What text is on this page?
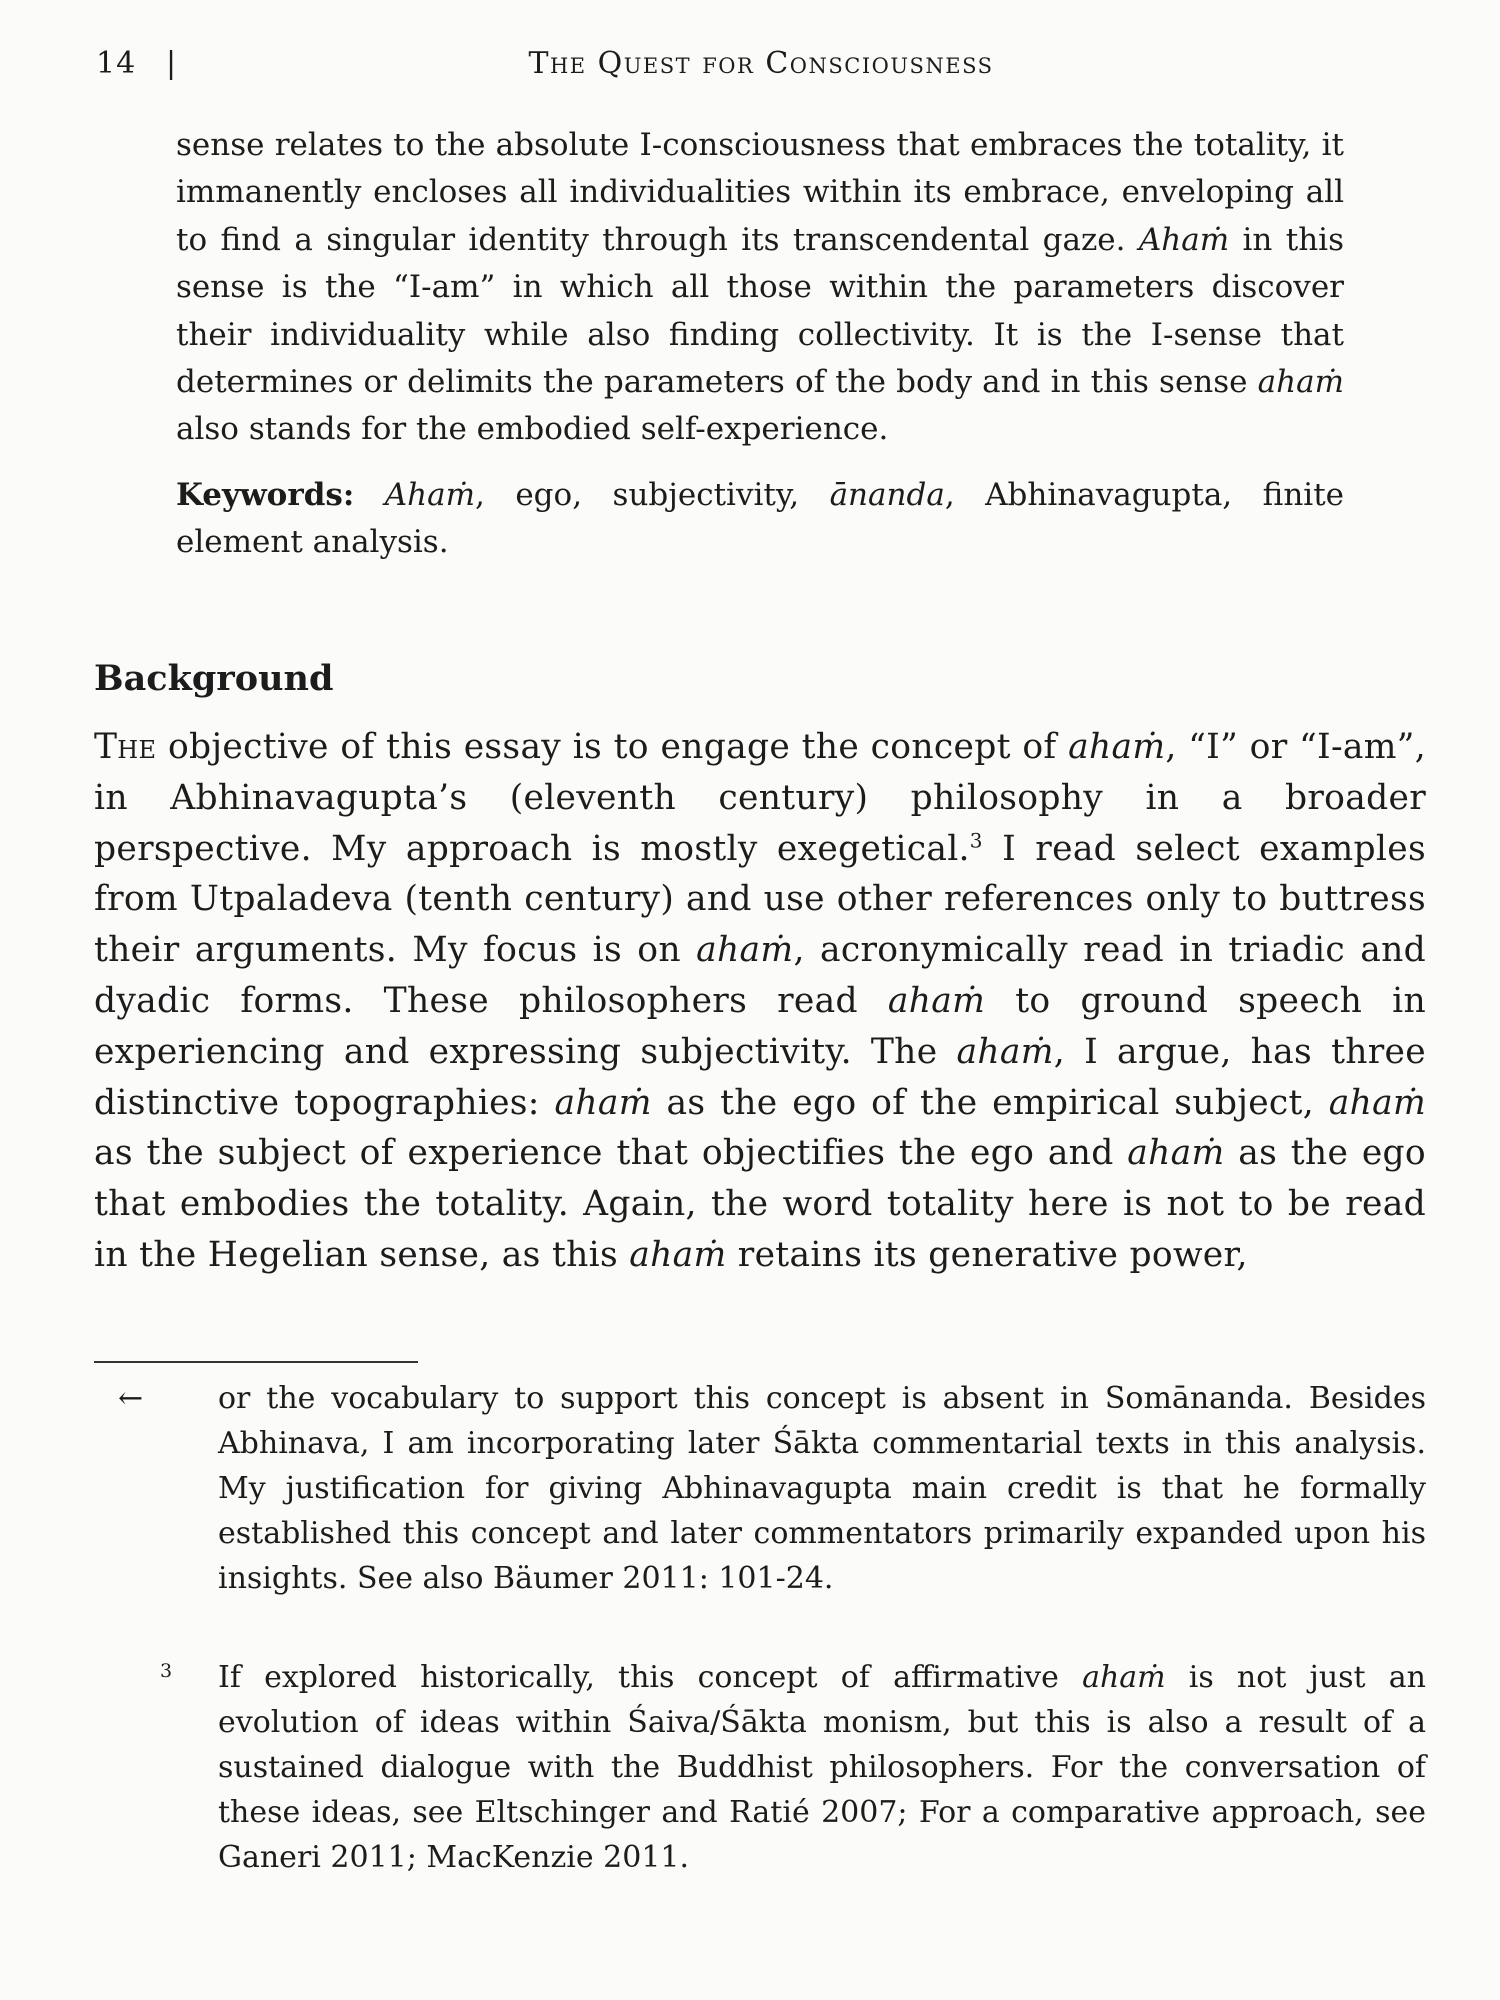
14 |	The Quest for Consciousness

sense relates to the absolute I-consciousness that embraces the totality, it immanently encloses all individualities within its embrace, enveloping all to find a singular identity through its transcendental gaze. Ahaṁ in this sense is the “I-am” in which all those within the parameters discover their individuality while also finding collectivity. It is the I-sense that determines or delimits the parameters of the body and in this sense ahaṁ also stands for the embodied self-experience.

Keywords: Ahaṁ, ego, subjectivity, ānanda, Abhinavagupta, finite element analysis.

Background

The objective of this essay is to engage the concept of ahaṁ, “I” or “I-am”, in Abhinavagupta’s (eleventh century) philosophy in a broader perspective. My approach is mostly exegetical.$^3$ I read select examples from Utpaladeva (tenth century) and use other references only to buttress their arguments. My focus is on ahaṁ, acronymically read in triadic and dyadic forms. These philosophers read ahaṁ to ground speech in experiencing and expressing subjectivity. The ahaṁ, I argue, has three distinctive topographies: ahaṁ as the ego of the empirical subject, ahaṁ as the subject of experience that objectifies the ego and ahaṁ as the ego that embodies the totality. Again, the word totality here is not to be read in the Hegelian sense, as this ahaṁ retains its generative power,

←	or the vocabulary to support this concept is absent in Somānanda. Besides Abhinava, I am incorporating later Śākta commentarial texts in this analysis. My justification for giving Abhinavagupta main credit is that he formally established this concept and later commentators primarily expanded upon his insights. See also Bäumer 2011: 101-24.
3	If explored historically, this concept of affirmative ahaṁ is not just an evolution of ideas within Śaiva/Śākta monism, but this is also a result of a sustained dialogue with the Buddhist philosophers. For the conversation of these ideas, see Eltschinger and Ratié 2007; For a comparative approach, see Ganeri 2011; MacKenzie 2011.
